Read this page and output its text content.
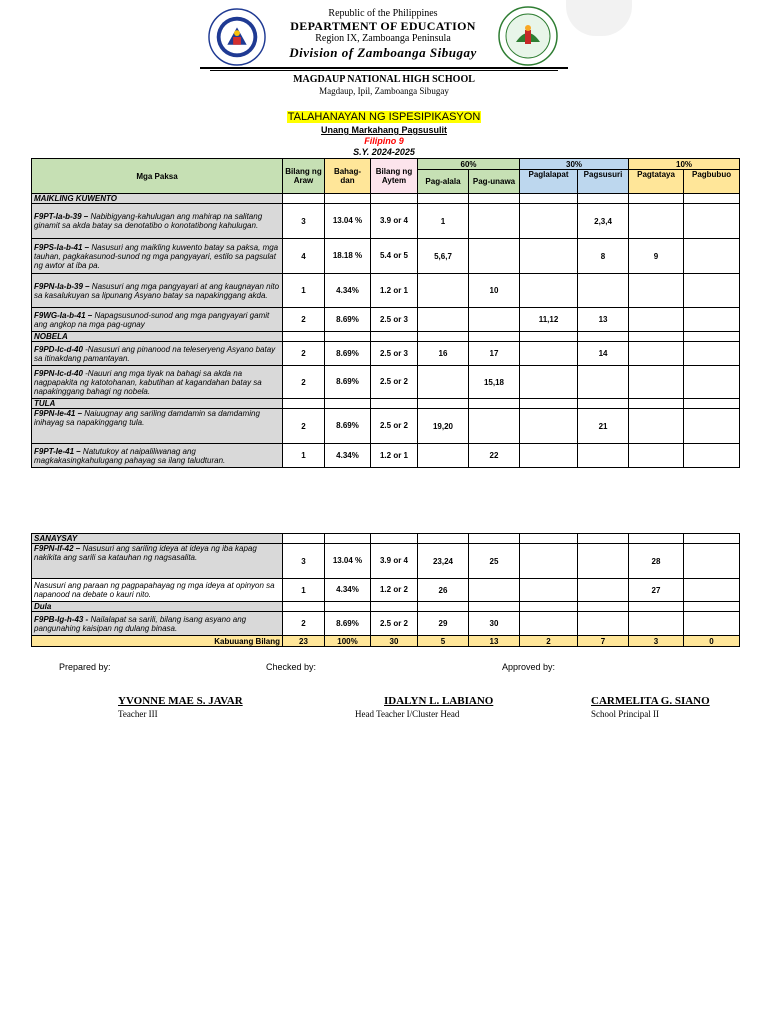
Republic of the Philippines
DEPARTMENT OF EDUCATION
Region IX, Zamboanga Peninsula
Division of Zamboanga Sibugay
MAGDAUP NATIONAL HIGH SCHOOL
Magdaup, Ipil, Zamboanga Sibugay
TALAHANAYAN NG ISPESIPIKASYON
Unang Markahang Pagsusulit
Filipino 9
S.Y. 2024-2025
Mga Paksa	Bilang ng Araw	Bahag-dan	Bilang ng Aytem	60%		30%		10%	
				Pag-alala	Pag-unawa	Paglalapat	Pagsusuri	Pagtataya	Pagbubuo
MAIKLING KUWENTO									
F9PT-Ia-b-39 – Nabibigyang-kahulugan ang mahirap na salitang ginamit sa akda batay sa denotatibo o konotatibong kahulugan.	3	13.04 %	3.9 or 4	1			2,3,4		
F9PS-Ia-b-41 – Nasusuri ang maikling kuwento batay sa paksa, mga tauhan, pagkakasunod-sunod ng mga pangyayari, estilo sa pagsulat ng awtor at iba pa.	4	18.18 %	5.4 or 5	5,6,7			8	9	
F9PN-Ia-b-39 – Nasusuri ang mga pangyayari at ang kaugnayan nito sa kasalukuyan sa lipunang Asyano batay sa napakinggang akda.	1	4.34%	1.2 or 1		10				
F9WG-Ia-b-41 – Napagsusunod-sunod ang mga pangyayari gamit ang angkop na mga pag-ugnay	2	8.69%	2.5 or 3			11,12	13		
NOBELA									
F9PD-Ic-d-40 -Nasusuri ang pinanood na teleseryeng Asyano batay sa itinakdang pamantayan.	2	8.69%	2.5 or 3	16	17		14		
F9PN-Ic-d-40 -Nauuri ang mga tiyak na bahagi sa akda na nagpapakita ng katotohanan, kabutihan at kagandahan batay sa napakinggang bahagi ng nobela.	2	8.69%	2.5 or 2		15,18				
TULA									
F9PN-Ie-41 – Naiuugnay ang sariling damdamin sa damdaming inihayag sa napakinggang tula.	2	8.69%	2.5 or 2	19,20			21		
F9PT-Ie-41 – Natutukoy at naipaliliwanag ang magkakasingkahulugang pahayag sa ilang taludturan.	1	4.34%	1.2 or 1		22				
SANAYSAY									
F9PN-If-42 – Nasusuri ang sariling ideya at ideya ng iba kapag nakikita ang sarili sa katauhan ng nagsasalita.	3	13.04 %	3.9 or 4	23,24	25			28	
Nasusuri ang paraan ng pagpapahayag ng mga ideya at opinyon sa napanood na debate o kauri nito.	1	4.34%	1.2 or 2	26				27	
Dula									
F9PB-Ig-h-43 - Nailalapat sa sarili, bilang isang asyano ang pangunahing kaisipan ng dulang binasa.	2	8.69%	2.5 or 2	29	30				
Kabuuang Bilang	23	100%	30	5	13	2	7	3	0
Prepared by:	Checked by:	Approved by:
YVONNE MAE S. JAVAR
Teacher III
IDALYN L. LABIANO
Head Teacher I/Cluster Head
CARMELITA G. SIANO
School Principal II
